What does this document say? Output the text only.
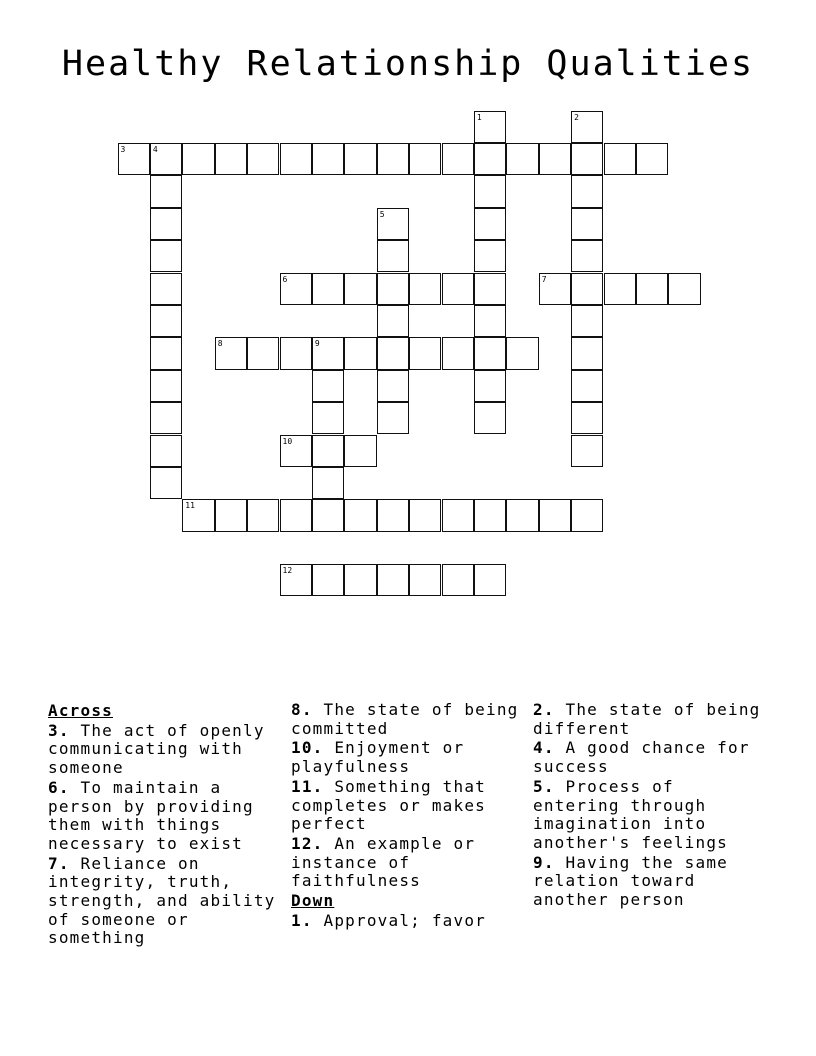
Healthy Relationship Qualities
1	2
3	4
5
6	7
8	9
10
11
12
Across
3. The act of openly communicating with someone
6. To maintain a person by providing them with things necessary to exist
7. Reliance on integrity, truth, strength, and ability of someone or something
8. The state of being committed
10. Enjoyment or playfulness
11. Something that completes or makes perfect
12. An example or instance of faithfulness
Down
1. Approval; favor
2. The state of being different
4. A good chance for success
5. Process of entering through imagination into another's feelings
9. Having the same relation toward another person
